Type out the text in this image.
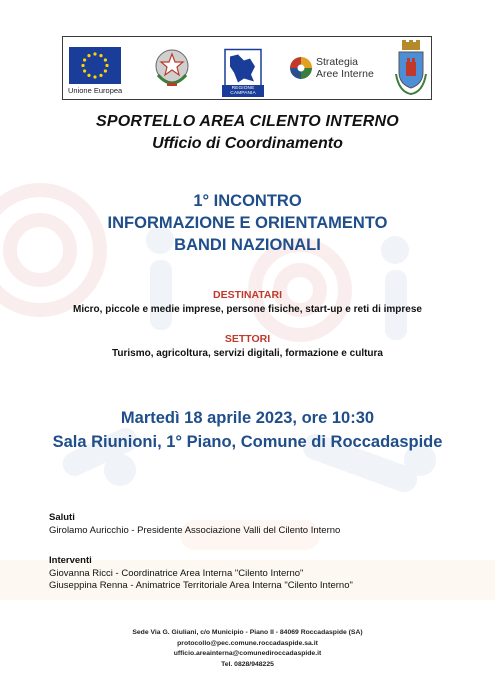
Unione Europea	REGIONE CAMPANIA
Strategia
Aree Interne
SPORTELLO AREA CILENTO INTERNO
Ufficio di Coordinamento
1° INCONTRO
INFORMAZIONE E ORIENTAMENTO
BANDI NAZIONALI
DESTINATARI
Micro, piccole e medie imprese, persone fisiche, start-up e reti di imprese
SETTORI
Turismo, agricoltura, servizi digitali, formazione e cultura
Martedì 18 aprile 2023, ore 10:30
Sala Riunioni, 1° Piano, Comune di Roccadaspide
Saluti
Girolamo Auricchio - Presidente Associazione Valli del Cilento Interno
Interventi
Giovanna Ricci - Coordinatrice Area Interna "Cilento Interno"
Giuseppina Renna - Animatrice Territoriale Area Interna "Cilento Interno"
Sede Via G. Giuliani, c/o Municipio - Piano II - 84069 Roccadaspide (SA)
protocollo@pec.comune.roccadaspide.sa.it
ufficio.areainterna@comunediroccadaspide.it
Tel. 0828/948225
